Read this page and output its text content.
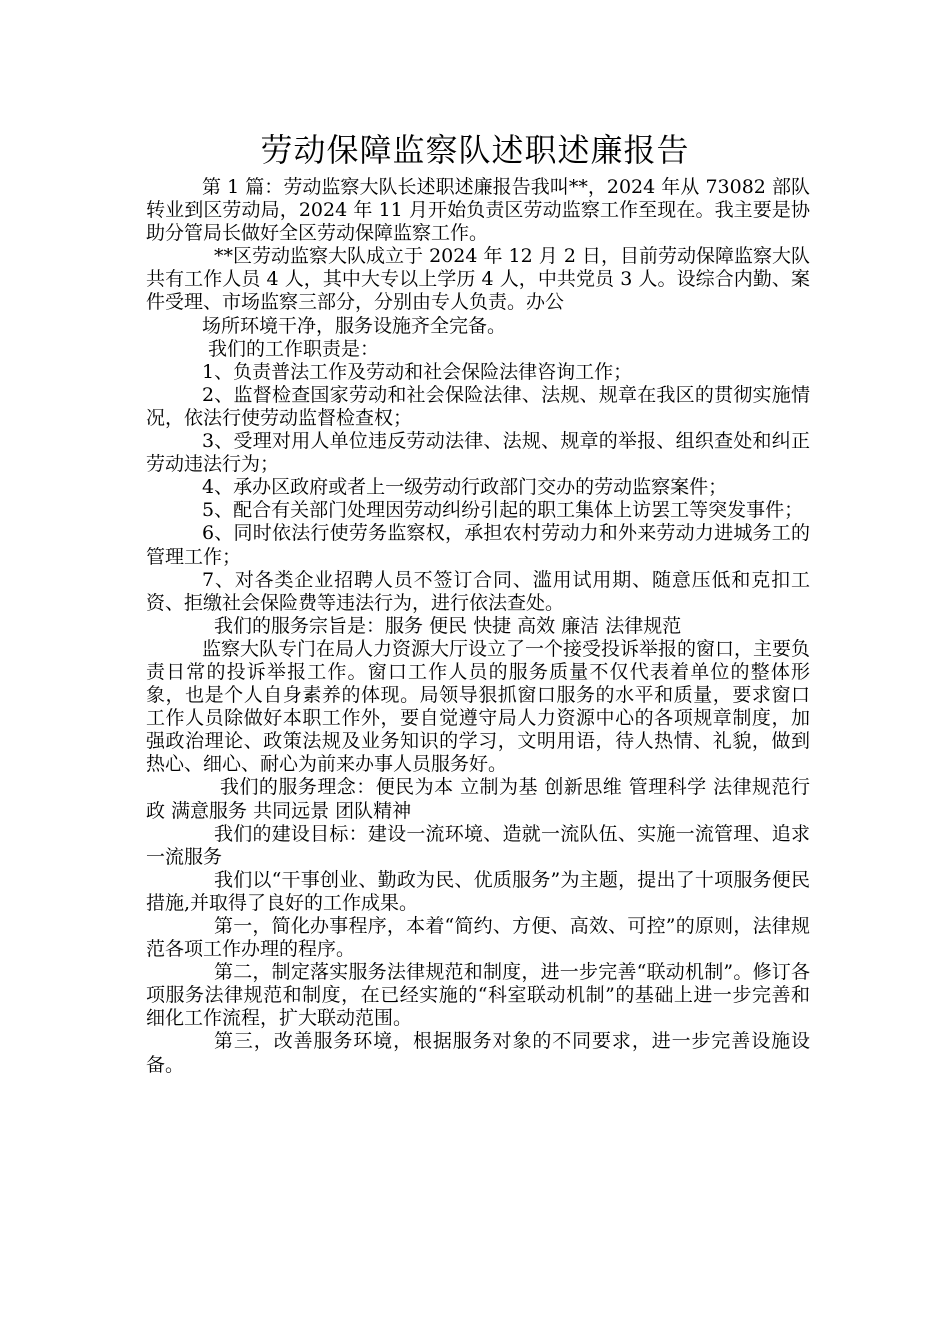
劳动保障监察队述职述廉报告

第 1 篇：劳动监察大队长述职述廉报告我叫**，2024 年从 73082 部队转业到区劳动局，2024 年 11 月开始负责区劳动监察工作至现在。我主要是协助分管局长做好全区劳动保障监察工作。

**区劳动监察大队成立于 2024 年 12 月 2 日，目前劳动保障监察大队共有工作人员 4 人，其中大专以上学历 4 人，中共党员 3 人。设综合内勤、案件受理、市场监察三部分，分别由专人负责。办公

场所环境干净，服务设施齐全完备。

我们的工作职责是：

1、负责普法工作及劳动和社会保险法律咨询工作；

2、监督检查国家劳动和社会保险法律、法规、规章在我区的贯彻实施情况，依法行使劳动监督检查权；

3、受理对用人单位违反劳动法律、法规、规章的举报、组织查处和纠正劳动违法行为；

4、承办区政府或者上一级劳动行政部门交办的劳动监察案件；

5、配合有关部门处理因劳动纠纷引起的职工集体上访罢工等突发事件；

6、同时依法行使劳务监察权，承担农村劳动力和外来劳动力进城务工的管理工作；

7、对各类企业招聘人员不签订合同、滥用试用期、随意压低和克扣工资、拒缴社会保险费等违法行为，进行依法查处。

我们的服务宗旨是：服务 便民 快捷 高效 廉洁 法律规范

监察大队专门在局人力资源大厅设立了一个接受投诉举报的窗口，主要负责日常的投诉举报工作。窗口工作人员的服务质量不仅代表着单位的整体形象，也是个人自身素养的体现。局领导狠抓窗口服务的水平和质量，要求窗口工作人员除做好本职工作外，要自觉遵守局人力资源中心的各项规章制度，加强政治理论、政策法规及业务知识的学习，文明用语，待人热情、礼貌，做到热心、细心、耐心为前来办事人员服务好。

我们的服务理念：便民为本 立制为基 创新思维 管理科学 法律规范行政 满意服务 共同远景 团队精神

我们的建设目标：建设一流环境、造就一流队伍、实施一流管理、追求一流服务

我们以“干事创业、勤政为民、优质服务”为主题，提出了十项服务便民措施,并取得了良好的工作成果。

第一，简化办事程序，本着“简约、方便、高效、可控”的原则，法律规范各项工作办理的程序。

第二，制定落实服务法律规范和制度，进一步完善“联动机制”。修订各项服务法律规范和制度，在已经实施的“科室联动机制”的基础上进一步完善和细化工作流程，扩大联动范围。

第三，改善服务环境，根据服务对象的不同要求，进一步完善设施设备。
